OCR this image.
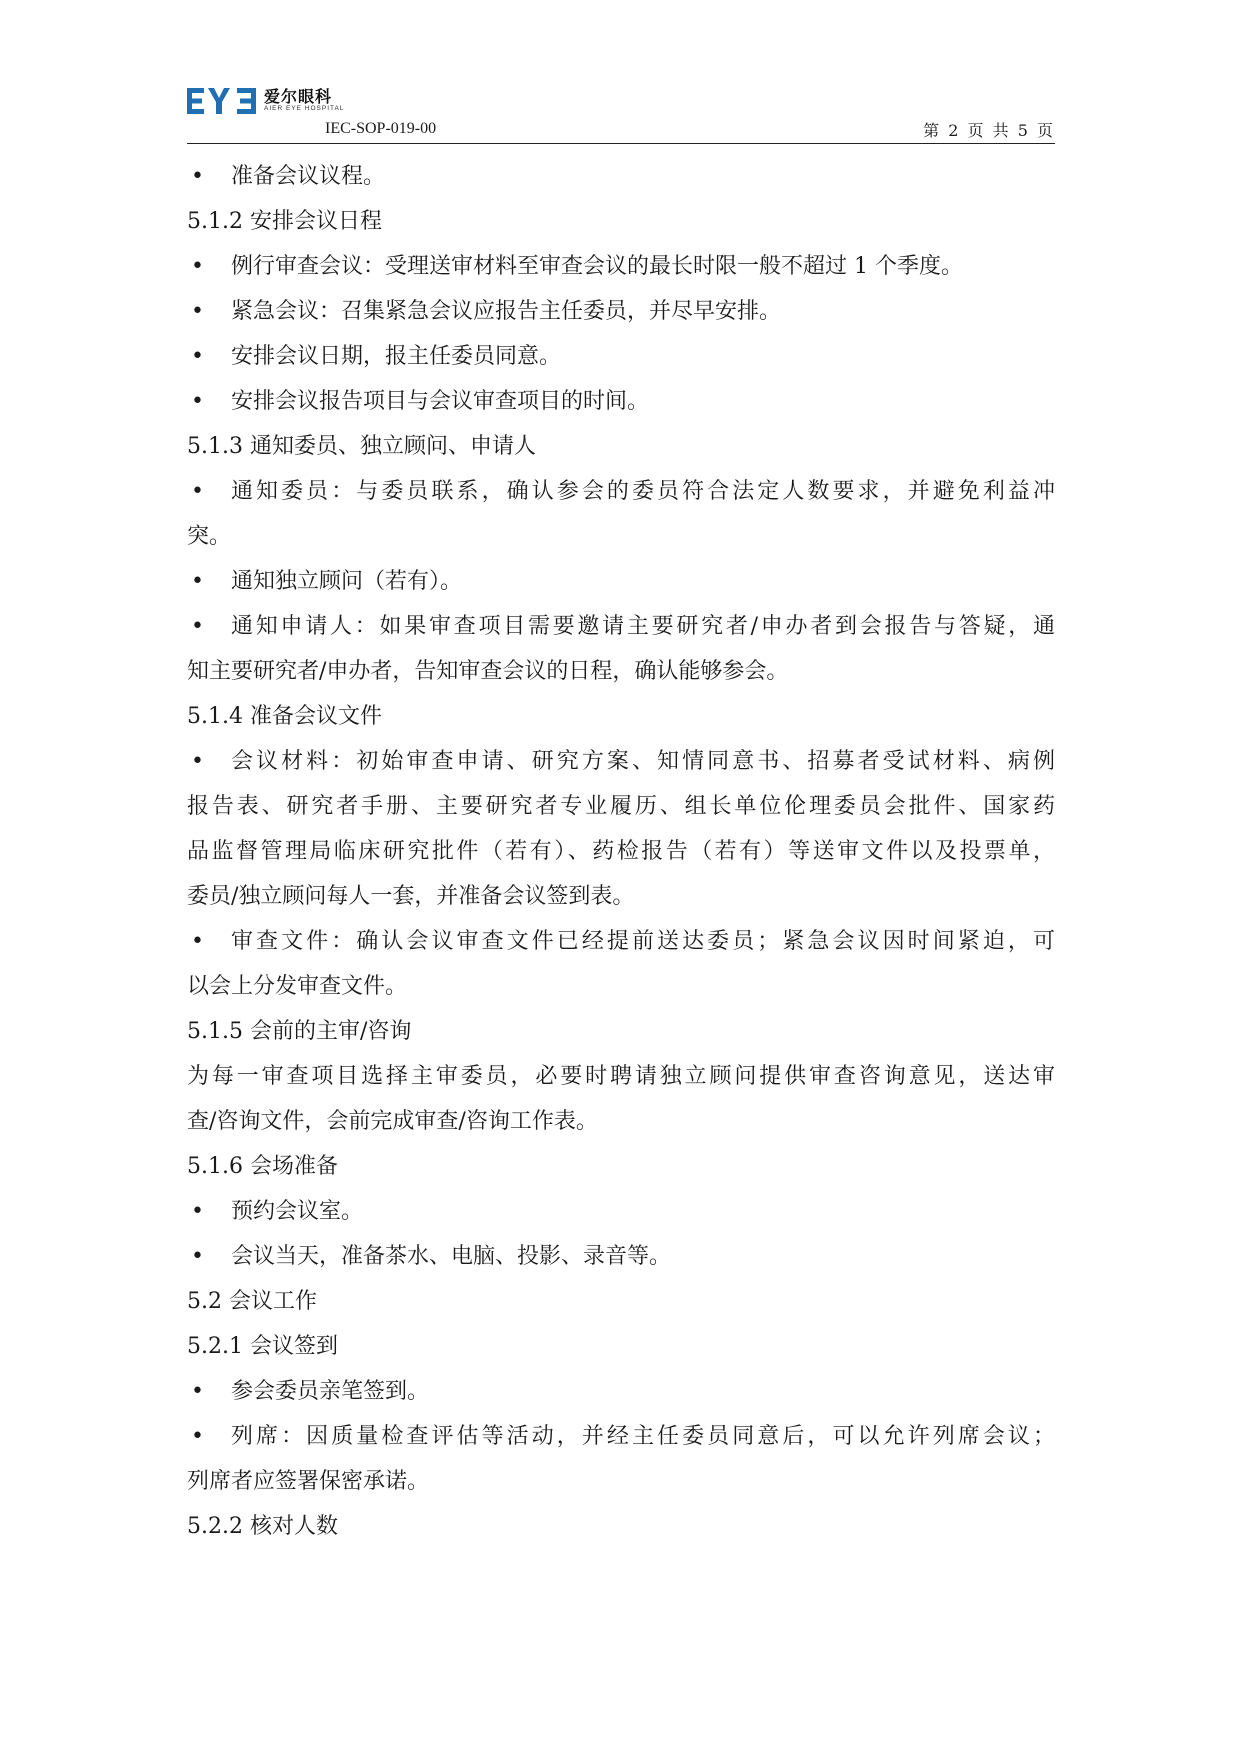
爱尔眼科
AIER EYE HOSPITAL
IEC-SOP-019-00	第 2 页 共 5 页
• 准备会议议程。
5.1.2 安排会议日程
• 例行审查会议：受理送审材料至审查会议的最长时限一般不超过 1 个季度。
• 紧急会议：召集紧急会议应报告主任委员，并尽早安排。
• 安排会议日期，报主任委员同意。
• 安排会议报告项目与会议审查项目的时间。
5.1.3 通知委员、独立顾问、申请人
•	通知委员：与委员联系，确认参会的委员符合法定人数要求，并避免利益冲
突。
• 通知独立顾问（若有）。
•	通知申请人：如果审查项目需要邀请主要研究者/申办者到会报告与答疑，通
知主要研究者/申办者，告知审查会议的日程，确认能够参会。
5.1.4 准备会议文件
•	会议材料：初始审查申请、研究方案、知情同意书、招募者受试材料、病例
报告表、研究者手册、主要研究者专业履历、组长单位伦理委员会批件、国家药
品监督管理局临床研究批件（若有）、药检报告（若有）等送审文件以及投票单，
委员/独立顾问每人一套，并准备会议签到表。
•	审查文件：确认会议审查文件已经提前送达委员；紧急会议因时间紧迫，可
以会上分发审查文件。
5.1.5 会前的主审/咨询
为每一审查项目选择主审委员，必要时聘请独立顾问提供审查咨询意见，送达审
查/咨询文件，会前完成审查/咨询工作表。
5.1.6 会场准备
• 预约会议室。
• 会议当天，准备茶水、电脑、投影、录音等。
5.2 会议工作
5.2.1 会议签到
• 参会委员亲笔签到。
•	列席：因质量检查评估等活动，并经主任委员同意后，可以允许列席会议；
列席者应签署保密承诺。
5.2.2 核对人数
